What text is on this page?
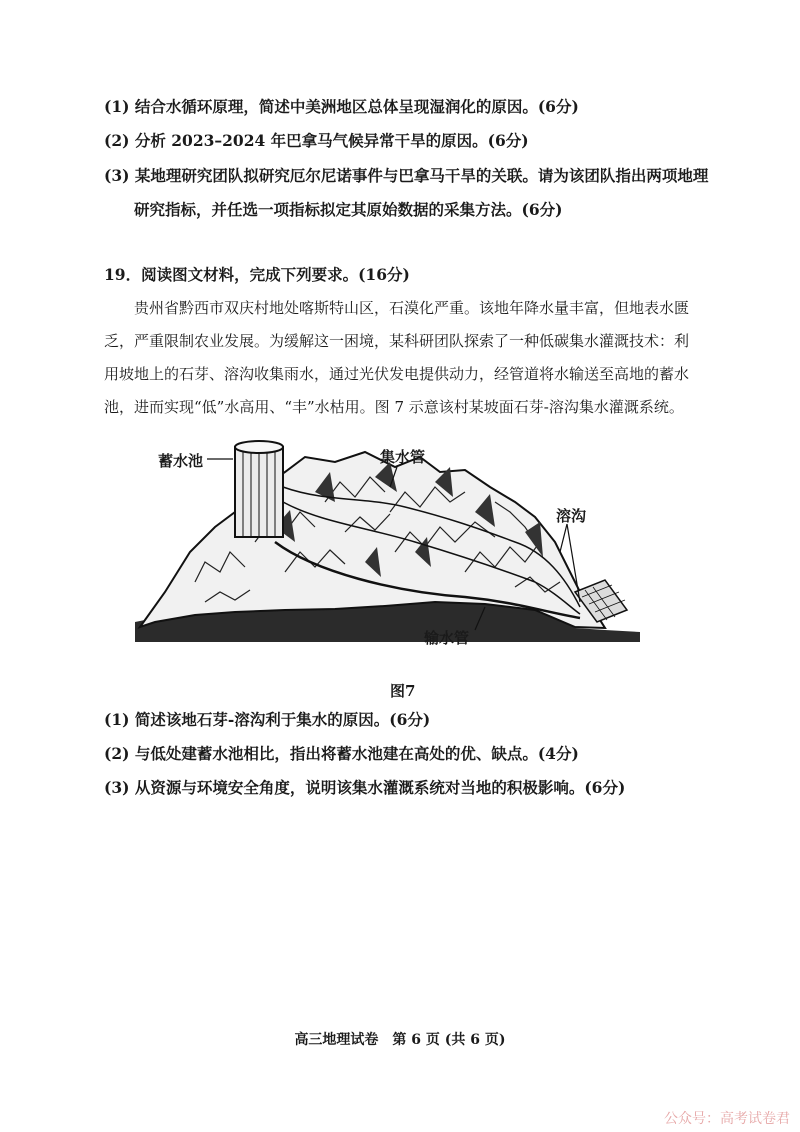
(1) 结合水循环原理，简述中美洲地区总体呈现湿润化的原因。(6分)
(2) 分析 2023–2024 年巴拿马气候异常干旱的原因。(6分)
(3) 某地理研究团队拟研究厄尔尼诺事件与巴拿马干旱的关联。请为该团队指出两项地理
研究指标，并任选一项指标拟定其原始数据的采集方法。(6分)
19．阅读图文材料，完成下列要求。(16分)
贵州省黔西市双庆村地处喀斯特山区，石漠化严重。该地年降水量丰富，但地表水匮
乏，严重限制农业发展。为缓解这一困境，某科研团队探索了一种低碳集水灌溉技术：利
用坡地上的石芽、溶沟收集雨水，通过光伏发电提供动力，经管道将水输送至高地的蓄水
池，进而实现“低”水高用、“丰”水枯用。图 7 示意该村某坡面石芽-溶沟集水灌溉系统。
蓄水池	集水管
溶沟
输水管
图7
(1) 简述该地石芽-溶沟利于集水的原因。(6分)
(2) 与低处建蓄水池相比，指出将蓄水池建在高处的优、缺点。(4分)
(3) 从资源与环境安全角度，说明该集水灌溉系统对当地的积极影响。(6分)
高三地理试卷　第 6 页 (共 6 页)
公众号：高考试卷君
